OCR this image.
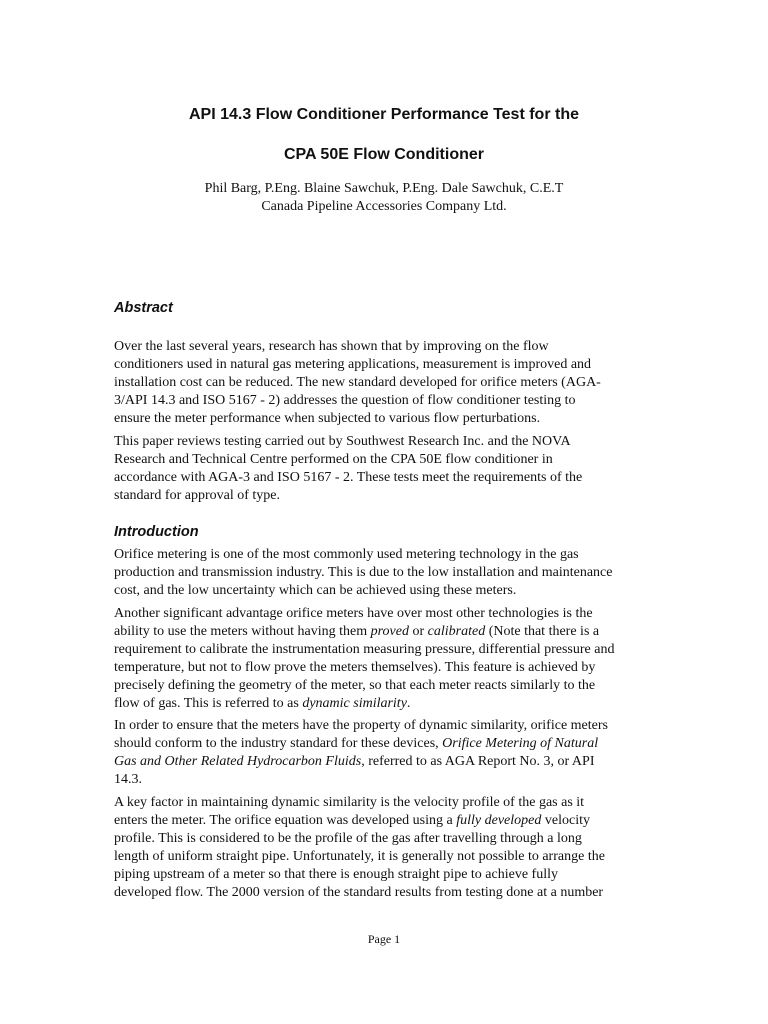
API 14.3 Flow Conditioner Performance Test for the
CPA 50E Flow Conditioner
Phil Barg, P.Eng. Blaine Sawchuk, P.Eng. Dale Sawchuk, C.E.T
Canada Pipeline Accessories Company Ltd.
Abstract

Over the last several years, research has shown that by improving on the flow
conditioners used in natural gas metering applications, measurement is improved and
installation cost can be reduced. The new standard developed for orifice meters (AGA-
3/API 14.3 and ISO 5167 - 2) addresses the question of flow conditioner testing to
ensure the meter performance when subjected to various flow perturbations.

This paper reviews testing carried out by Southwest Research Inc. and the NOVA
Research and Technical Centre performed on the CPA 50E flow conditioner in
accordance with AGA-3 and ISO 5167 - 2. These tests meet the requirements of the
standard for approval of type.

Introduction

Orifice metering is one of the most commonly used metering technology in the gas
production and transmission industry. This is due to the low installation and maintenance
cost, and the low uncertainty which can be achieved using these meters.

Another significant advantage orifice meters have over most other technologies is the
ability to use the meters without having them proved or calibrated (Note that there is a
requirement to calibrate the instrumentation measuring pressure, differential pressure and
temperature, but not to flow prove the meters themselves). This feature is achieved by
precisely defining the geometry of the meter, so that each meter reacts similarly to the
flow of gas. This is referred to as dynamic similarity.

In order to ensure that the meters have the property of dynamic similarity, orifice meters
should conform to the industry standard for these devices, Orifice Metering of Natural
Gas and Other Related Hydrocarbon Fluids, referred to as AGA Report No. 3, or API
14.3.

A key factor in maintaining dynamic similarity is the velocity profile of the gas as it
enters the meter. The orifice equation was developed using a fully developed velocity
profile. This is considered to be the profile of the gas after travelling through a long
length of uniform straight pipe. Unfortunately, it is generally not possible to arrange the
piping upstream of a meter so that there is enough straight pipe to achieve fully
developed flow. The 2000 version of the standard results from testing done at a number

Page 1
